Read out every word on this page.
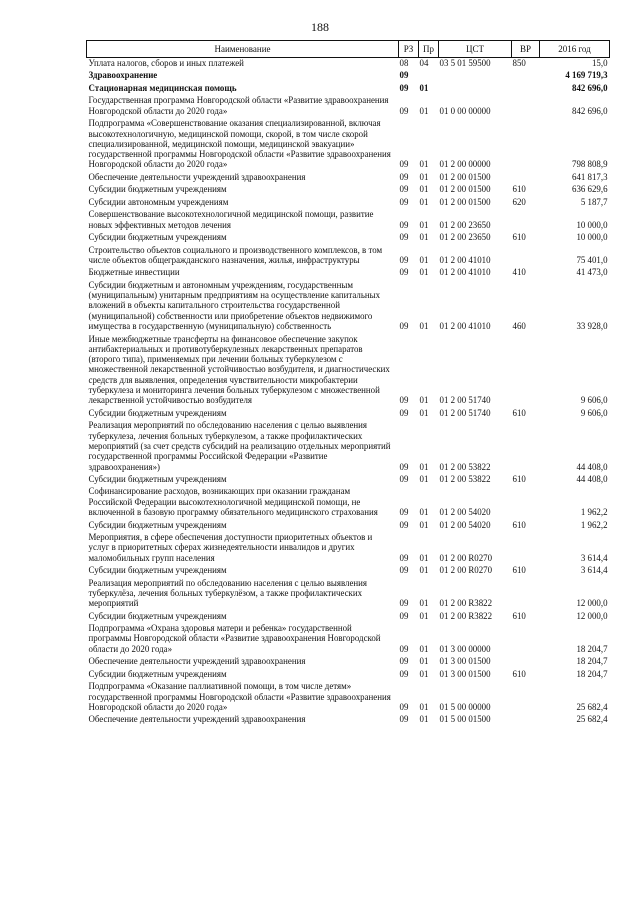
188
Наименование	РЗ	Пр	ЦСТ	ВР	2016 год
Уплата налогов, сборов и иных платежей	08	04	03 5 01 59500	850	15,0
Здравоохранение	09				4 169 719,3
Стационарная медицинская помощь	09	01			842 696,0
Государственная программа Новгородской области «Развитие здравоохранения Новгородской области до 2020 года»	09	01	01 0 00 00000		842 696,0
Подпрограмма «Совершенствование оказания специализированной, включая высокотехнологичную, медицинской помощи, скорой, в том числе скорой специализированной, медицинской помощи, медицинской эвакуации» государственной программы Новгородской области «Развитие здравоохранения Новгородской области до 2020 года»	09	01	01 2 00 00000		798 808,9
Обеспечение деятельности учреждений здравоохранения	09	01	01 2 00 01500		641 817,3
Субсидии бюджетным учреждениям	09	01	01 2 00 01500	610	636 629,6
Субсидии автономным учреждениям	09	01	01 2 00 01500	620	5 187,7
Совершенствование высокотехнологичной медицинской помощи, развитие новых эффективных методов лечения	09	01	01 2 00 23650		10 000,0
Субсидии бюджетным учреждениям	09	01	01 2 00 23650	610	10 000,0
Строительство объектов социального и производственного комплексов, в том числе объектов общегражданского назначения, жилья, инфраструктуры	09	01	01 2 00 41010		75 401,0
Бюджетные инвестиции	09	01	01 2 00 41010	410	41 473,0
Субсидии бюджетным и автономным учреждениям, государственным (муниципальным) унитарным предприятиям на осуществление капитальных вложений в объекты капитального строительства государственной (муниципальной) собственности или приобретение объектов недвижимого имущества в государственную (муниципальную) собственность	09	01	01 2 00 41010	460	33 928,0
Иные межбюджетные трансферты на финансовое обеспечение закупок антибактериальных и противотуберкулезных лекарственных препаратов (второго типа), применяемых при лечении больных туберкулезом с множественной лекарственной устойчивостью возбудителя, и диагностических средств для выявления, определения чувствительности микробактерии туберкулеза и мониторинга лечения больных туберкулезом с множественной лекарственной устойчивостью возбудителя	09	01	01 2 00 51740		9 606,0
Субсидии бюджетным учреждениям	09	01	01 2 00 51740	610	9 606,0
Реализация мероприятий по обследованию населения с целью выявления туберкулеза, лечения больных туберкулезом, а также профилактических мероприятий (за счет средств субсидий на реализацию отдельных мероприятий государственной программы Российской Федерации «Развитие здравоохранения»)	09	01	01 2 00 53822		44 408,0
Субсидии бюджетным учреждениям	09	01	01 2 00 53822	610	44 408,0
Софинансирование расходов, возникающих при оказании гражданам Российской Федерации высокотехнологичной медицинской помощи, не включенной в базовую программу обязательного медицинского страхования	09	01	01 2 00 54020		1 962,2
Субсидии бюджетным учреждениям	09	01	01 2 00 54020	610	1 962,2
Мероприятия, в сфере обеспечения доступности приоритетных объектов и услуг в приоритетных сферах жизнедеятельности инвалидов и других маломобильных групп населения	09	01	01 2 00 R0270		3 614,4
Субсидии бюджетным учреждениям	09	01	01 2 00 R0270	610	3 614,4
Реализация мероприятий по обследованию населения с целью выявления туберкулёза, лечения больных туберкулёзом, а также профилактических мероприятий	09	01	01 2 00 R3822		12 000,0
Субсидии бюджетным учреждениям	09	01	01 2 00 R3822	610	12 000,0
Подпрограмма «Охрана здоровья матери и ребенка» государственной программы Новгородской области «Развитие здравоохранения Новгородской области до 2020 года»	09	01	01 3 00 00000		18 204,7
Обеспечение деятельности учреждений здравоохранения	09	01	01 3 00 01500		18 204,7
Субсидии бюджетным учреждениям	09	01	01 3 00 01500	610	18 204,7
Подпрограмма «Оказание паллиативной помощи, в том числе детям» государственной программы Новгородской области «Развитие здравоохранения Новгородской области до 2020 года»	09	01	01 5 00 00000		25 682,4
Обеспечение деятельности учреждений здравоохранения	09	01	01 5 00 01500		25 682,4
